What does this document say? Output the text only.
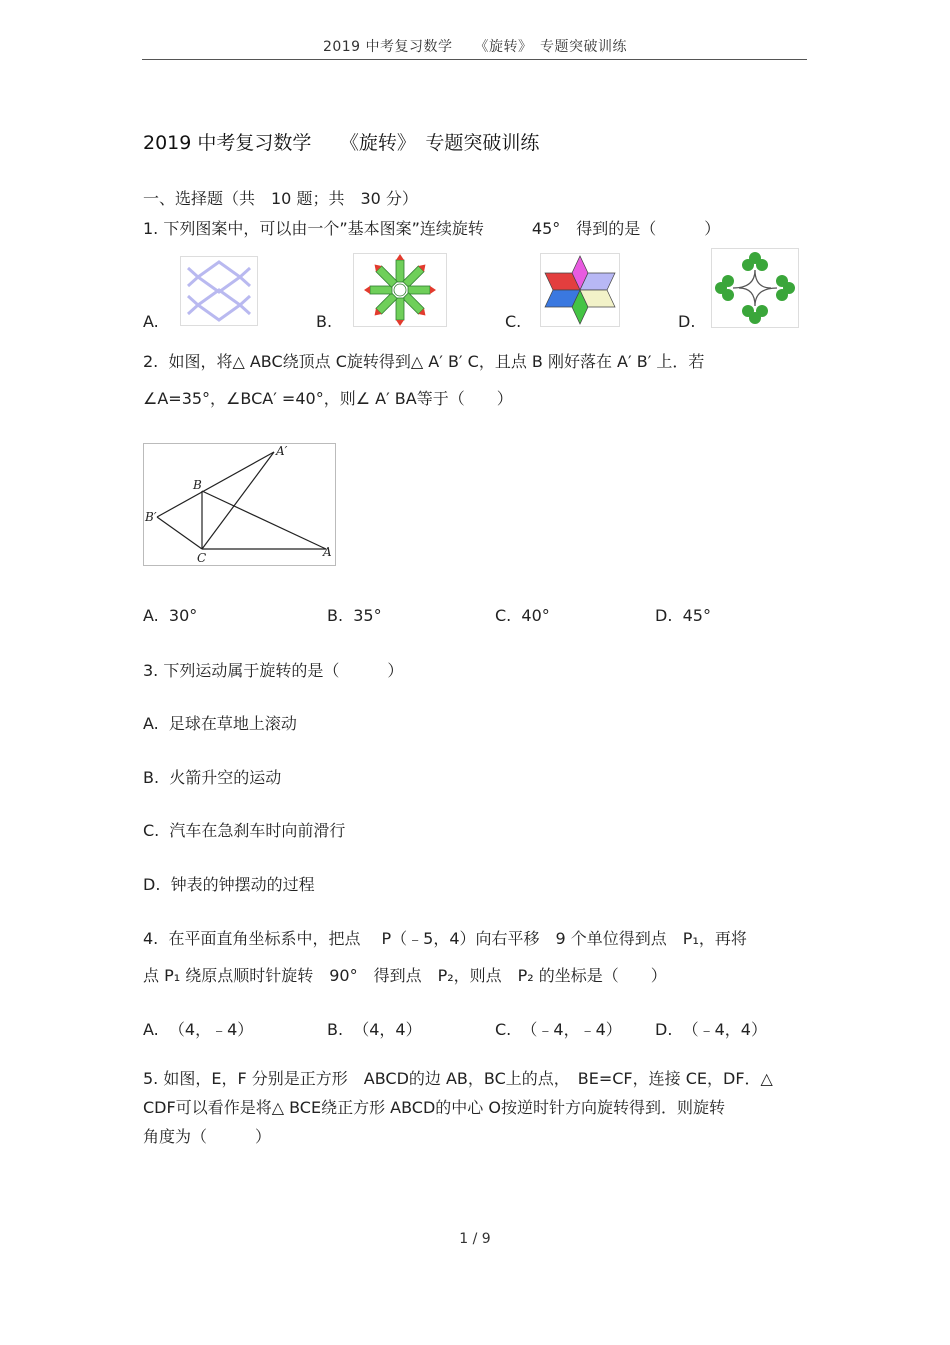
2019 中考复习数学　　《旋转》　专题突破训练
2019 中考复习数学　　《旋转》　专题突破训练
一、选择题（共　10 题；共　30 分）
1. 下列图案中，可以由一个”基本图案”连续旋转　　　45°　得到的是（　　　）
A.	B.	C.	D.
2.  如图，将△ ABC绕顶点 C旋转得到△ A′ B′ C，且点 B 刚好落在 A′ B′ 上．若
∠A=35°，∠BCA′ =40°，则∠ A′ BA等于（　　）
A′
B
B′
C	A
A.  30°	B.  35°	C.  40°	D.  45°
3. 下列运动属于旋转的是（　　　）
A.  足球在草地上滚动
B.  火箭升空的运动
C.  汽车在急刹车时向前滑行
D.  钟表的钟摆动的过程
4.  在平面直角坐标系中，把点　 P（﹣5，4）向右平移　9 个单位得到点　P₁，再将
点 P₁ 绕原点顺时针旋转　90°　得到点　P₂，则点　P₂ 的坐标是（　　）
A.  （4，﹣4）	B.  （4，4）	C.  （﹣4，﹣4） D.  （﹣4，4）
5. 如图，E，F 分别是正方形　ABCD的边 AB，BC上的点，　BE=CF，连接 CE，DF．△
CDF可以看作是将△ BCE绕正方形 ABCD的中心 O按逆时针方向旋转得到．则旋转
角度为（　　　）
1 / 9
